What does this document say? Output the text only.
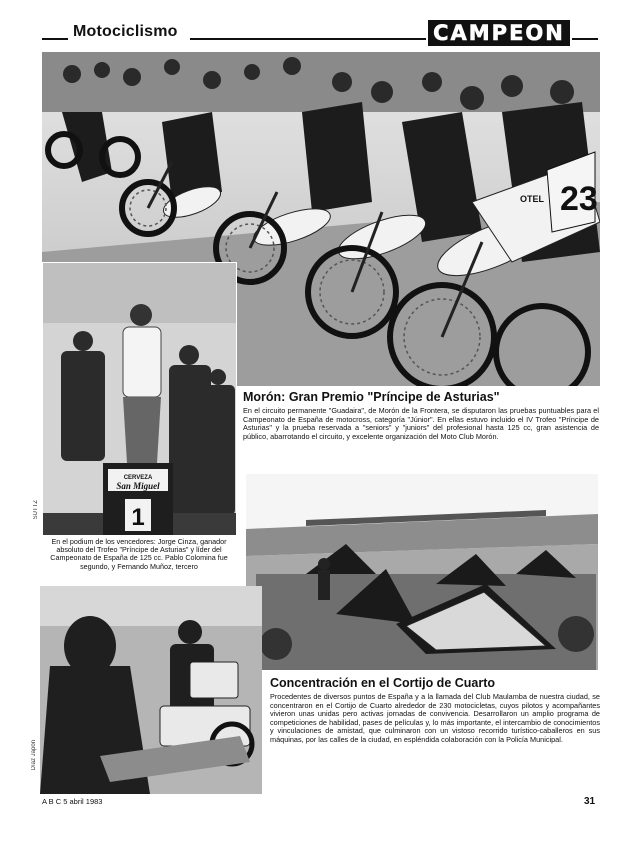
Motociclismo	CAMPEON
23
OTEL
CERVEZA
San Miguel
1
SUTTZ
Morón: Gran Premio "Príncipe de Asturias"
En el circuito permanente "Guadaira", de Morón de la Frontera, se disputaron las pruebas puntuables para el Campeonato de España de motocross, categoría "Júnior". En ellas estuvo incluido el IV Trofeo "Príncipe de Asturias" y la prueba reservada a "seniors" y "juniors" del profesional hasta 125 cc, gran asistencia de público, abarrotando el circuito, y excelente organización del Moto Club Morón.
En el podium de los vencedores: Jorge Cinza, ganador absoluto del Trofeo "Príncipe de Asturias" y líder del Campeonato de España de 125 cc. Pablo Colomina fue segundo, y Fernando Muñoz, tercero
Díaz Japón
Concentración en el Cortijo de Cuarto
Procedentes de diversos puntos de España y a la llamada del Club Maulamba de nuestra ciudad, se concentraron en el Cortijo de Cuarto alrededor de 230 motocicletas, cuyos pilotos y acompañantes vivieron unas unidas pero activas jornadas de convivencia. Desarrollaron un amplio programa de competiciones de habilidad, pases de películas y, lo más importante, el intercambio de conocimientos y vinculaciones de amistad, que culminaron con un vistoso recorrido turístico-caballeros en sus máquinas, por las calles de la ciudad, en espléndida colaboración con la Policía Municipal.
A B C 5 abril 1983	31
